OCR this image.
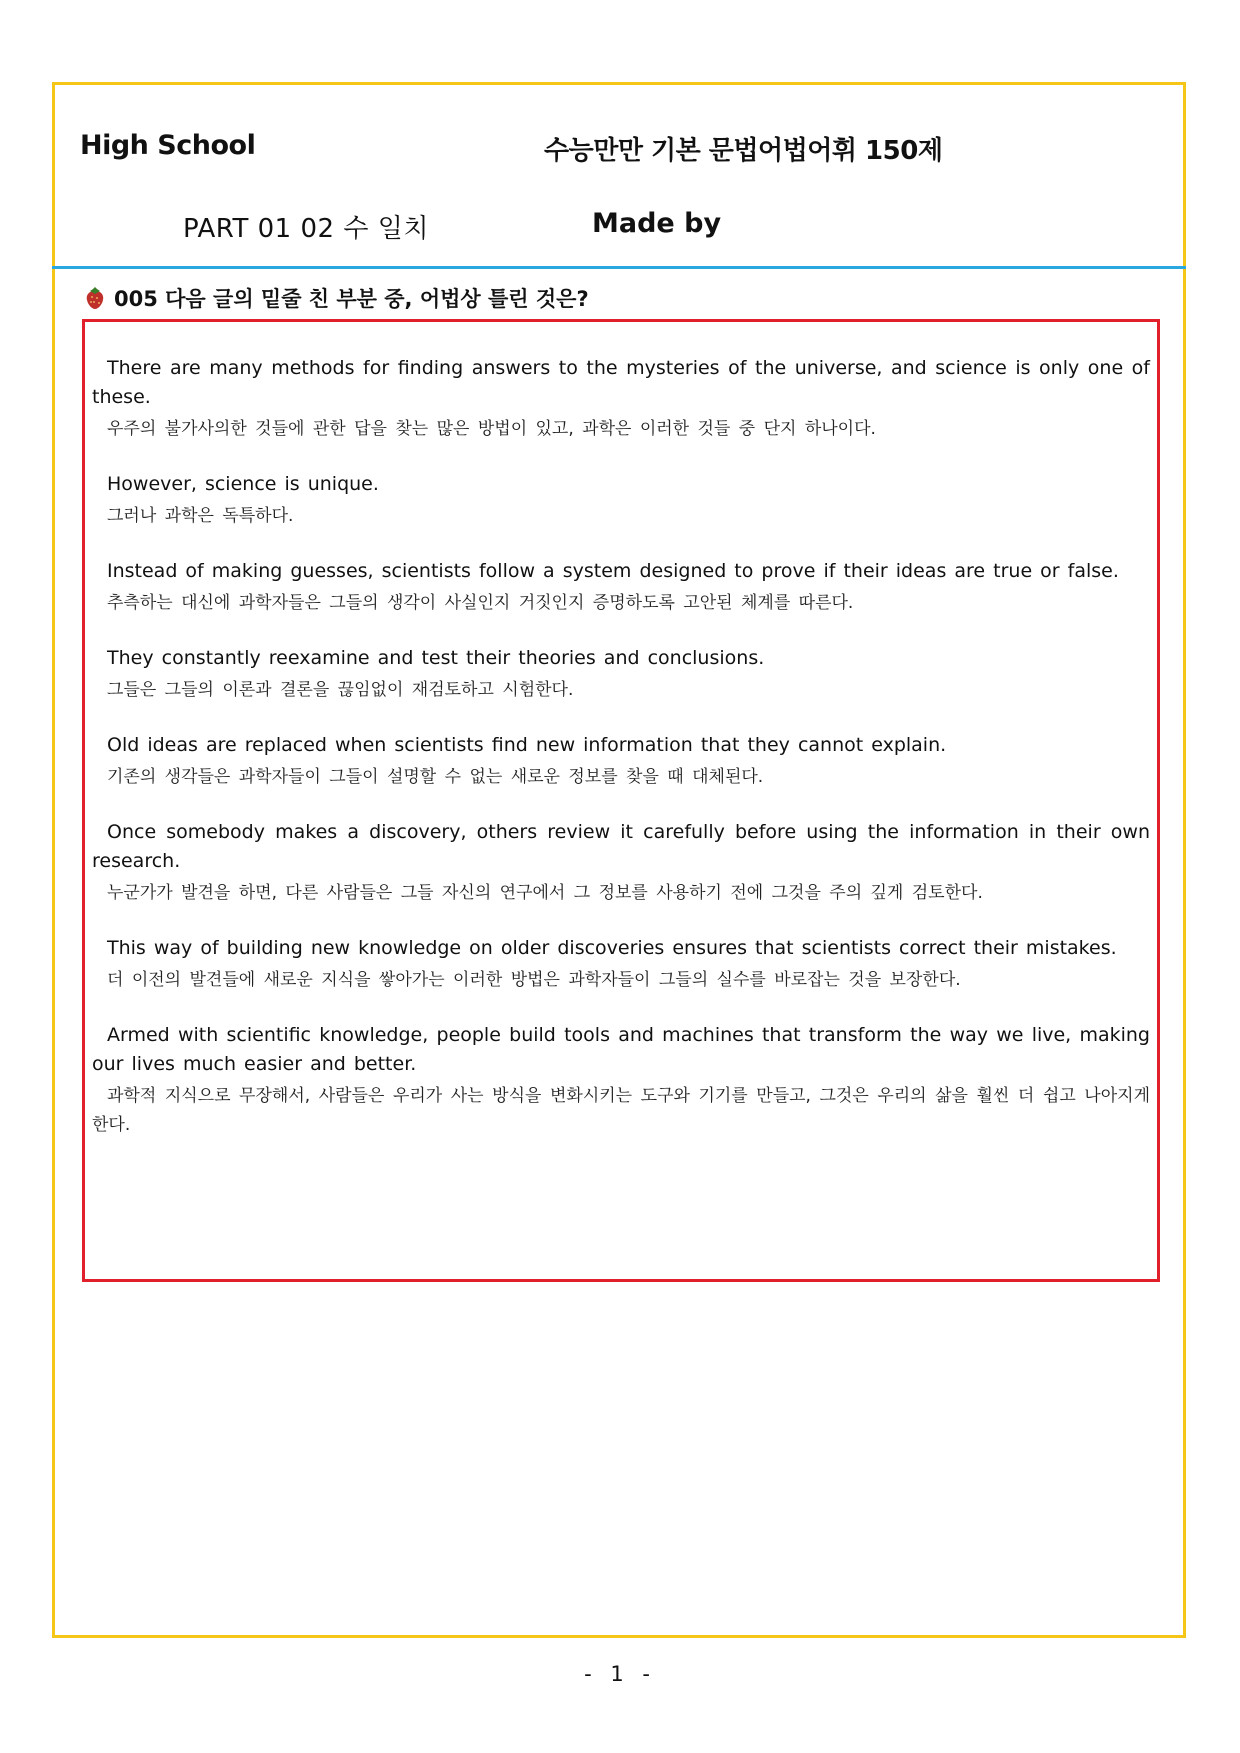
High School	수능만만 기본 문법어법어휘 150제
PART 01 02 수 일치	Made by
005 다음 글의 밑줄 친 부분 중, 어법상 틀린 것은?
There are many methods for finding answers to the mysteries of the universe, and science is only one of these.
우주의 불가사의한 것들에 관한 답을 찾는 많은 방법이 있고, 과학은 이러한 것들 중 단지 하나이다.
However, science is unique.
그러나 과학은 독특하다.
Instead of making guesses, scientists follow a system designed to prove if their ideas are true or false.
추측하는 대신에 과학자들은 그들의 생각이 사실인지 거짓인지 증명하도록 고안된 체계를 따른다.
They constantly reexamine and test their theories and conclusions.
그들은 그들의 이론과 결론을 끊임없이 재검토하고 시험한다.
Old ideas are replaced when scientists find new information that they cannot explain.
기존의 생각들은 과학자들이 그들이 설명할 수 없는 새로운 정보를 찾을 때 대체된다.
Once somebody makes a discovery, others review it carefully before using the information in their own research.
누군가가 발견을 하면, 다른 사람들은 그들 자신의 연구에서 그 정보를 사용하기 전에 그것을 주의 깊게 검토한다.
This way of building new knowledge on older discoveries ensures that scientists correct their mistakes.
더 이전의 발견들에 새로운 지식을 쌓아가는 이러한 방법은 과학자들이 그들의 실수를 바로잡는 것을 보장한다.
Armed with scientific knowledge, people build tools and machines that transform the way we live, making our lives much easier and better.
과학적 지식으로 무장해서, 사람들은 우리가 사는 방식을 변화시키는 도구와 기기를 만들고, 그것은 우리의 삶을 훨씬 더 쉽고 나아지게 한다.
- 1 -
